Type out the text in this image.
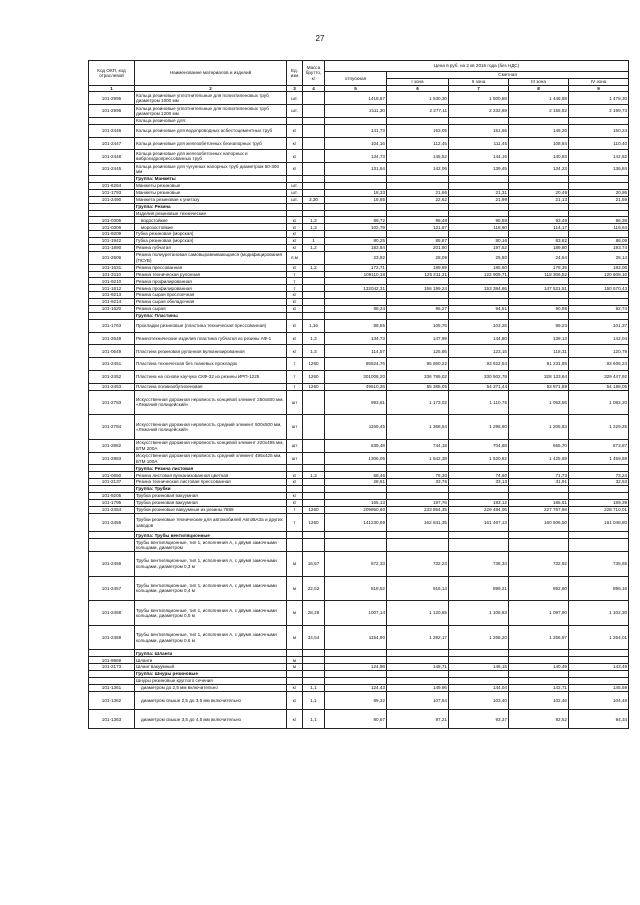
27
Код ОКП, код отраслевой	Наименование материалов и изделий	Ед. изм	Масса брутто, кг	Цена в руб. на 2 кв 2016 года (без НДС)				
				отпускная	Сметная			
					I зона	II зона	III зона	IV зона
1	2	3	4	5	6	7	8	9
101-2995	Кольца резиновые уплотнительные для полиэтиленовых труб диаметром 1000 мм	шт.		1418,67	1 530,30	1 500,58	1 446,58	1 478,30
101-2996	Кольца резиновые уплотнительные для полиэтиленовых труб диаметром 1200 мм	шт.		2111,30	2 277,11	2 232,69	2 155,52	2 199,73
	Кольца резиновые для:							
101-2446	Кольца резиновые для водопроводных асбестоцементных труб	кг		141,73	153,05	151,66	146,26	150,24
101-2447	Кольца резиновые для железобетонных безнапорных труб	кг		104,16	112,45	111,45	108,84	110,40
101-2448	Кольца резиновые для железобетонных напорных и виброгидропрессованных труб	кг		134,73	145,52	144,16	140,93	142,82
101-2445	Кольца резиновые для чугунных напорных труб диаметром 50-300 мм	кг		131,64	142,06	139,45	134,23	136,84
	Группа: Манжеты							
101-6264	Манжеты резиновые	шт.						
101-1793	Манжеты резиновые	шт.		18,33	21,66	21,31	20,49	20,86
101-2490	Манжета резиновая к унитазу	шт.	3,30	18,65	22,62	21,99	21,13	21,59
	Группа: Резина							
	Изделия резиновые технические							
101-0305	водостойкие	кг	1,3	89,72	98,48	95,58	93,49	96,38
101-0306	морозостойкие	кг	1,3	102,79	121,67	118,60	114,17	116,64
101-9209	Губка резиновая (морская)	кг						
101-1942	Губка резиновая (морская)	кг	1	80,25	85,87	80,16	83,82	86,09
101-1890	Резина губчатая	кг	1,2	183,84	201,90	197,52	189,80	193,74
101-2606	Резина полиуретановая самовыравнивающаяся (модифицирования (ПСУВ)	п.м		23,92	28,09	25,80	24,64	25,14
101-1631	Резина прессованная	кг	1,2	172,71	189,89	185,60	178,35	182,06
101-3110	Резина техническая рулонная	т		109110,18	125 211,31	122 909,71	118 306,52	120 608,10
101-9210	Резина профилированная	т						
101-1612	Резина профилированная	т		132042,31	156 199,24	153 384,86	147 521,51	150 570,43
101-9213	Резина сырая прослоечная	кг						
101-9214	Резина сырая обкладочная	кг						
101-1620	Резина сырая	кг		88,24	96,27	94,51	90,98	92,74
	Группа: Пластины							
101-1763	Прокладки резиновые (пластина техническая прессованная)	кг	1,16	89,55	105,76	103,26	99,23	101,37
101-2648	Резинотехнические изделия пластина губчатая из резины АФ-1	кг	1,3	134,73	147,99	144,80	139,13	142,04
101-0649	Пластина резиновая рулонная вулканизированная	кг	1,3	114,57	125,86	123,15	118,31	120,79
101-2451	Пластина техническая без тканевых прокладок	т	1260	85524,76	95 660,22	93 622,54	91 231,85	93 605,24
101-2452	Пластина на основе каучука СКФ-32 из резины ИРП-1225	т	1260	301008,20	336 786,02	330 502,78	328 133,64	329 447,92
101-2453	Пластина полиизобутиленовая	т	1260	49510,26	55 385,05	54 371,44	53 871,89	54 188,05
101-2783	Искусственная дорожная неровность концевой элемент 250х500 мм, «Лежачий полицейский»	шт		993,61	1 173,02	1 110,76	1 053,56	1 082,20
101-2784	Искусственная дорожная неровность средний элемент 500х500 мм, «Лежачий полицейский»	шт		1159,45	1 368,54	1 296,60	1 205,63	1 229,25
101-2882	Искусственная дорожная неровность концевой элемент 220х495 мм, БТМ 200А	шт		639,48	744,18	704,68	655,70	673,87
101-2883	Искусственная дорожная неровность средний элемент 495х425 мм, БТМ 100А	шт		1306,05	1 542,38	1 520,82	1 425,69	1 459,69
	Группа: Резина листовая							
101-0650	Резина листовая вулканизованная цветная	кг	1,3	68,46	76,30	74,60	71,73	73,24
101-2137	Резина техническая листовая прессованная	кг		28,61	33,76	33,13	31,91	32,53
	Группа: Трубки							
101-9205	Трубка резиновая вакуумная	кг						
101-1795	Трубка резиновая вакуумная	кг		165,13	197,76	193,12	185,61	189,39
101-2454	Трубки резиновые вакуумные из резины 7889	т	1260	209950,60	233 864,35	229 484,05	227 767,68	228 710,01
101-2455	Трубки резиновые технические для автомобилей АвтоВАЗа и других заводов	т	1260	141230,69	162 841,35	161 467,13	160 506,50	161 048,80
	Группа: Трубы вентиляционные							
	Трубы вентиляционные, тип 1, исполнения А, с двумя замочными кольцами, диаметром							
101-2456	Трубы вентиляционные, тип 1, исполнения А, с двумя замочными кольцами, диаметром 0,3 м	м	16,67	672,33	732,24	738,34	732,92	735,65
101-2457	Трубы вентиляционные, тип 1, исполнения А, с двумя замочными кольцами, диаметром 0,4 м	м	22,52	818,52	916,14	899,21	892,60	896,16
101-2458	Трубы вентиляционные, тип 1, исполнения А, с двумя замочными кольцами, диаметром 0,5 м	м	28,28	1007,14	1 120,65	1 106,83	1 097,90	1 102,30
101-2459	Трубы вентиляционные, тип 1, исполнения А, с двумя замочными кольцами, диаметром 0,6 м	м	34,54	1154,90	1 292,17	1 268,20	1 256,97	1 264,01
	Группа: Шланги							
101-9969	Шланги	м						
101-2173	Шланг вакуумный	м		124,98	148,71	146,15	140,49	143,49
	Группа: Шнуры резиновые							
	Шнуры резиновые круглого сечения							
101-1361	диаметром до 2,5 мм включительно	кг	1,1	124,43	149,96	144,04	142,71	145,59
101-1362	диаметром свыше 2,5 до 3,5 мм включительно	кг	1,1	89,32	107,64	103,40	102,46	104,48
101-1363	диаметром свыше 3,5 до 4,5 мм включительно	кг	1,1	80,67	97,21	93,37	92,52	94,34
